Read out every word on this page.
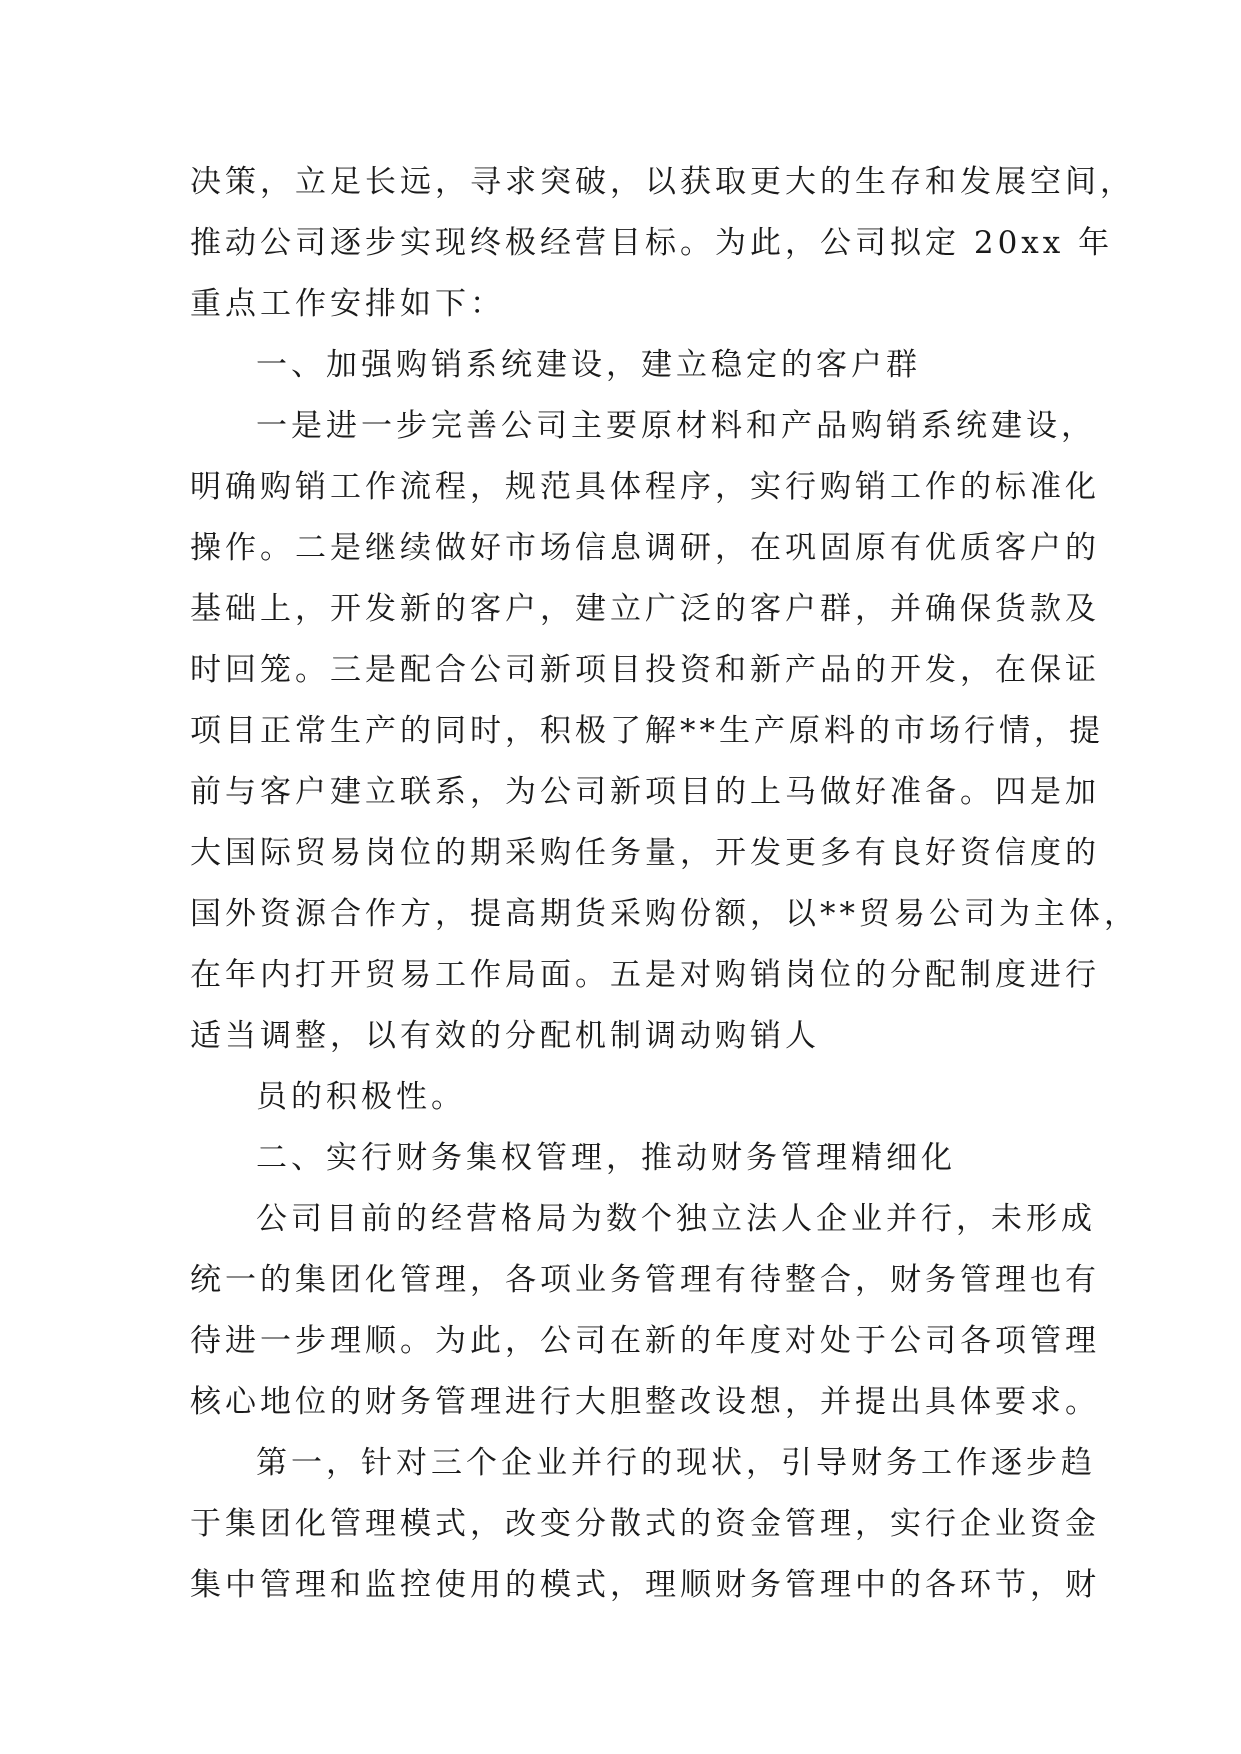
决策，立足长远，寻求突破，以获取更大的生存和发展空间，
推动公司逐步实现终极经营目标。为此，公司拟定 20xx 年
重点工作安排如下：
一、加强购销系统建设，建立稳定的客户群
一是进一步完善公司主要原材料和产品购销系统建设，
明确购销工作流程，规范具体程序，实行购销工作的标准化
操作。二是继续做好市场信息调研，在巩固原有优质客户的
基础上，开发新的客户，建立广泛的客户群，并确保货款及
时回笼。三是配合公司新项目投资和新产品的开发，在保证
项目正常生产的同时，积极了解**生产原料的市场行情，提
前与客户建立联系，为公司新项目的上马做好准备。四是加
大国际贸易岗位的期采购任务量，开发更多有良好资信度的
国外资源合作方，提高期货采购份额，以**贸易公司为主体，
在年内打开贸易工作局面。五是对购销岗位的分配制度进行
适当调整，以有效的分配机制调动购销人
员的积极性。
二、实行财务集权管理，推动财务管理精细化
公司目前的经营格局为数个独立法人企业并行，未形成
统一的集团化管理，各项业务管理有待整合，财务管理也有
待进一步理顺。为此，公司在新的年度对处于公司各项管理
核心地位的财务管理进行大胆整改设想，并提出具体要求。
第一，针对三个企业并行的现状，引导财务工作逐步趋
于集团化管理模式，改变分散式的资金管理，实行企业资金
集中管理和监控使用的模式，理顺财务管理中的各环节，财
